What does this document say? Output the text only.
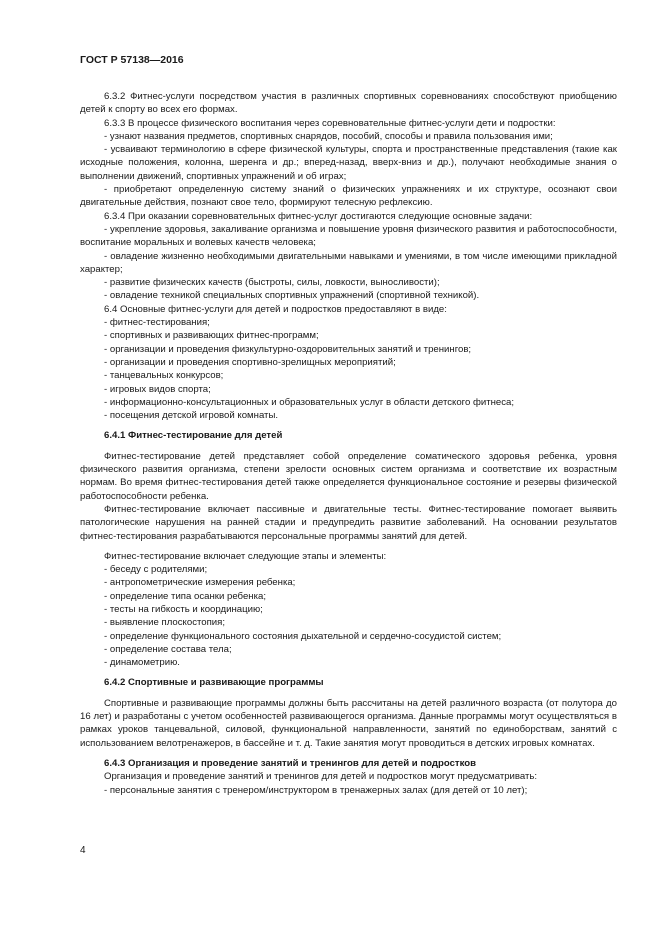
ГОСТ Р 57138—2016

6.3.2 Фитнес-услуги посредством участия в различных спортивных соревнованиях способствуют приобщению детей к спорту во всех его формах.

6.3.3 В процессе физического воспитания через соревновательные фитнес-услуги дети и подростки:

- узнают названия предметов, спортивных снарядов, пособий, способы и правила пользования ими;

- усваивают терминологию в сфере физической культуры, спорта и пространственные представления (такие как исходные положения, колонна, шеренга и др.; вперед-назад, вверх-вниз и др.), получают необходимые знания о выполнении движений, спортивных упражнений и об играх;

- приобретают определенную систему знаний о физических упражнениях и их структуре, осознают свои двигательные действия, познают свое тело, формируют телесную рефлексию.

6.3.4 При оказании соревновательных фитнес-услуг достигаются следующие основные задачи:

- укрепление здоровья, закаливание организма и повышение уровня физического развития и работоспособности, воспитание моральных и волевых качеств человека;

- овладение жизненно необходимыми двигательными навыками и умениями, в том числе имеющими прикладной характер;

- развитие физических качеств (быстроты, силы, ловкости, выносливости);

- овладение техникой специальных спортивных упражнений (спортивной техникой).

6.4 Основные фитнес-услуги для детей и подростков предоставляют в виде:

- фитнес-тестирования;

- спортивных и развивающих фитнес-программ;

- организации и проведения физкультурно-оздоровительных занятий и тренингов;

- организации и проведения спортивно-зрелищных мероприятий;

- танцевальных конкурсов;

- игровых видов спорта;

- информационно-консультационных и образовательных услуг в области детского фитнеса;

- посещения детской игровой комнаты.

6.4.1 Фитнес-тестирование для детей

Фитнес-тестирование детей представляет собой определение соматического здоровья ребенка, уровня физического развития организма, степени зрелости основных систем организма и соответствие их возрастным нормам. Во время фитнес-тестирования детей также определяется функциональное состояние и резервы физической работоспособности ребенка.

Фитнес-тестирование включает пассивные и двигательные тесты. Фитнес-тестирование помогает выявить патологические нарушения на ранней стадии и предупредить развитие заболеваний. На основании результатов фитнес-тестирования разрабатываются персональные программы занятий для детей.

Фитнес-тестирование включает следующие этапы и элементы:

- беседу с родителями;

- антропометрические измерения ребенка;

- определение типа осанки ребенка;

- тесты на гибкость и координацию;

- выявление плоскостопия;

- определение функционального состояния дыхательной и сердечно-сосудистой систем;

- определение состава тела;

- динамометрию.

6.4.2 Спортивные и развивающие программы

Спортивные и развивающие программы должны быть рассчитаны на детей различного возраста (от полутора до 16 лет) и разработаны с учетом особенностей развивающегося организма. Данные программы могут осуществляться в рамках уроков танцевальной, силовой, функциональной направленности, занятий по единоборствам, занятий с использованием велотренажеров, в бассейне и т. д. Такие занятия могут проводиться в детских игровых комнатах.

6.4.3 Организация и проведение занятий и тренингов для детей и подростков

Организация и проведение занятий и тренингов для детей и подростков могут предусматривать:

- персональные занятия с тренером/инструктором в тренажерных залах (для детей от 10 лет);

4
